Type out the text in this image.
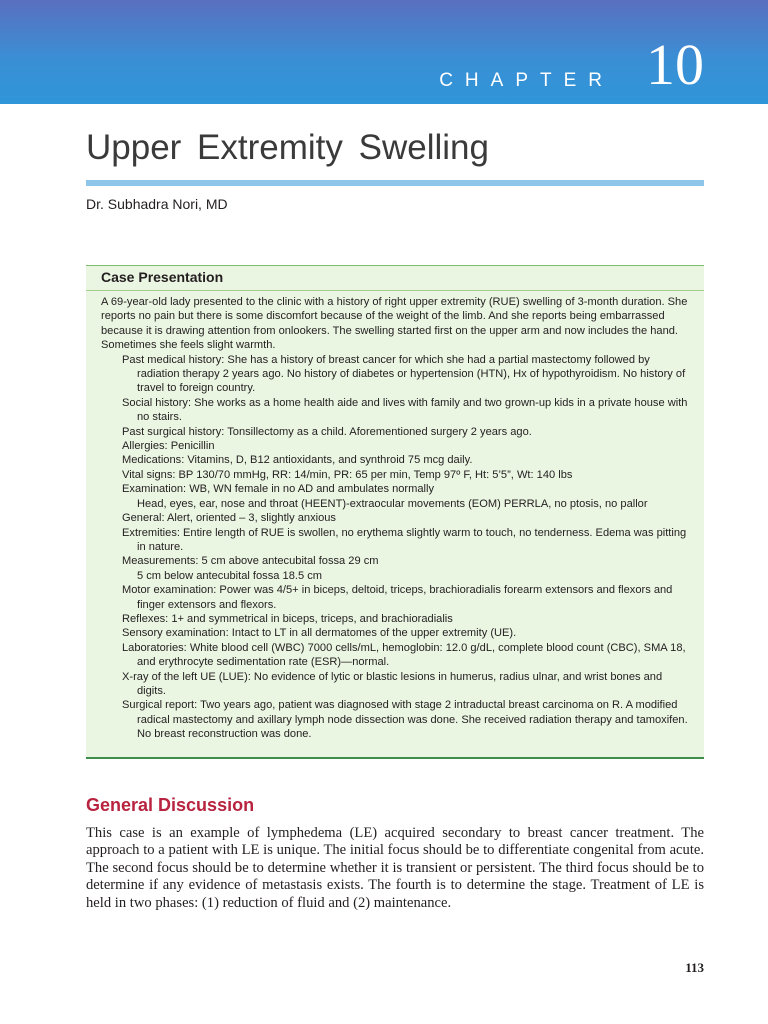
CHAPTER 10
Upper Extremity Swelling
Dr. Subhadra Nori, MD
Case Presentation

A 69-year-old lady presented to the clinic with a history of right upper extremity (RUE) swelling of 3-month duration. She reports no pain but there is some discomfort because of the weight of the limb. And she reports being embarrassed because it is drawing attention from onlookers. The swelling started first on the upper arm and now includes the hand. Sometimes she feels slight warmth.

Past medical history: She has a history of breast cancer for which she had a partial mastectomy followed by radiation therapy 2 years ago. No history of diabetes or hypertension (HTN), Hx of hypothyroidism. No history of travel to foreign country.

Social history: She works as a home health aide and lives with family and two grown-up kids in a private house with no stairs.

Past surgical history: Tonsillectomy as a child. Aforementioned surgery 2 years ago.

Allergies: Penicillin

Medications: Vitamins, D, B12 antioxidants, and synthroid 75 mcg daily.

Vital signs: BP 130/70 mmHg, RR: 14/min, PR: 65 per min, Temp 97º F, Ht: 5’5”, Wt: 140 lbs

Examination: WB, WN female in no AD and ambulates normally

Head, eyes, ear, nose and throat (HEENT)-extraocular movements (EOM) PERRLA, no ptosis, no pallor

General: Alert, oriented – 3, slightly anxious

Extremities: Entire length of RUE is swollen, no erythema slightly warm to touch, no tenderness. Edema was pitting in nature.

Measurements: 5 cm above antecubital fossa 29 cm

5 cm below antecubital fossa 18.5 cm

Motor examination: Power was 4/5+ in biceps, deltoid, triceps, brachioradialis forearm extensors and flexors and finger extensors and flexors.

Reflexes: 1+ and symmetrical in biceps, triceps, and brachioradialis

Sensory examination: Intact to LT in all dermatomes of the upper extremity (UE).

Laboratories: White blood cell (WBC) 7000 cells/mL, hemoglobin: 12.0 g/dL, complete blood count (CBC), SMA 18, and erythrocyte sedimentation rate (ESR)—normal.

X-ray of the left UE (LUE): No evidence of lytic or blastic lesions in humerus, radius ulnar, and wrist bones and digits.

Surgical report: Two years ago, patient was diagnosed with stage 2 intraductal breast carcinoma on R. A modified radical mastectomy and axillary lymph node dissection was done. She received radiation therapy and tamoxifen. No breast reconstruction was done.

General Discussion

This case is an example of lymphedema (LE) acquired secondary to breast cancer treatment. The approach to a patient with LE is unique. The initial focus should be to differentiate congenital from acute. The second focus should be to determine whether it is transient or persistent. The third focus should be to determine if any evidence of metastasis exists. The fourth is to determine the stage. Treatment of LE is held in two phases: (1) reduction of fluid and (2) maintenance.

113
